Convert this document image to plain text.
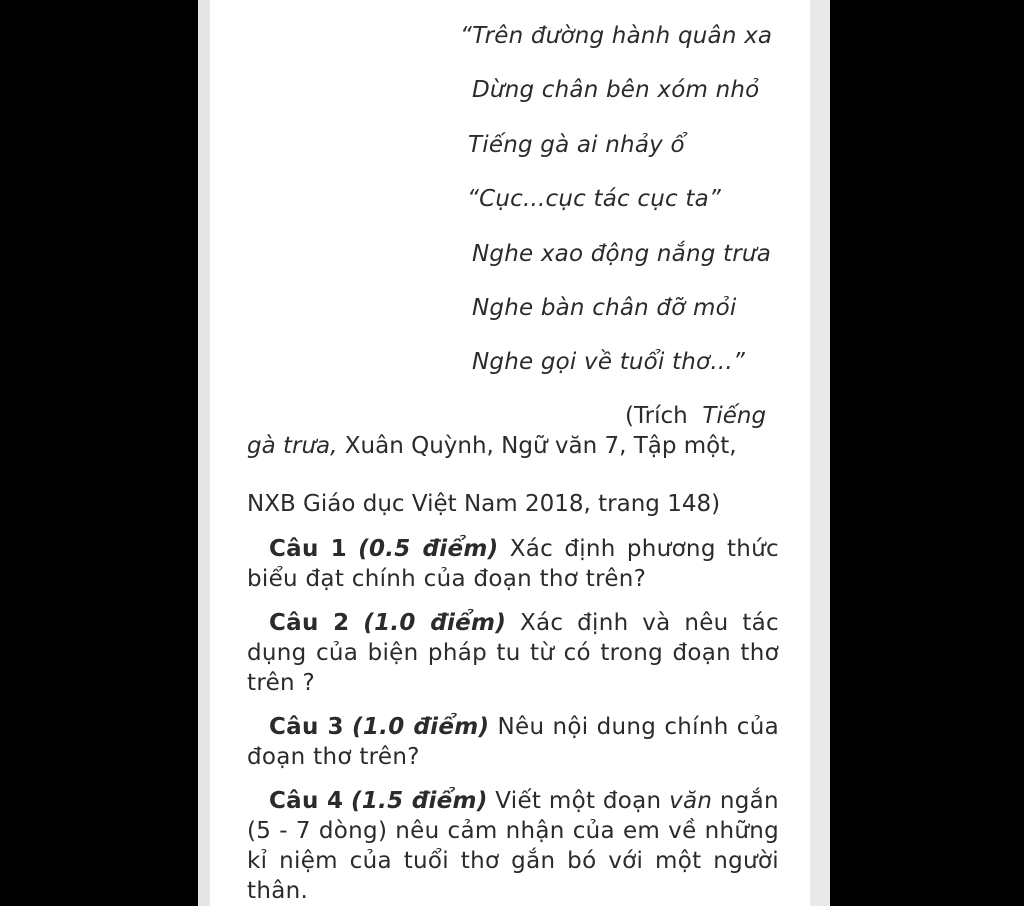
“Trên đường hành quân xa
Dừng chân bên xóm nhỏ
Tiếng gà ai nhảy ổ
“Cục...cục tác cục ta”
Nghe xao động nắng trưa
Nghe bàn chân đỡ mỏi
Nghe gọi về tuổi thơ...”
(Trích Tiếng
gà trưa, Xuân Quỳnh, Ngữ văn 7, Tập một,
NXB Giáo dục Việt Nam 2018, trang 148)
Câu 1 (0.5 điểm) Xác định phương thức biểu đạt chính của đoạn thơ trên?
Câu 2 (1.0 điểm) Xác định và nêu tác dụng của biện pháp tu từ có trong đoạn thơ trên ?
Câu 3 (1.0 điểm) Nêu nội dung chính của đoạn thơ trên?
Câu 4 (1.5 điểm) Viết một đoạn văn ngắn (5 - 7 dòng) nêu cảm nhận của em về những kỉ niệm của tuổi thơ gắn bó với một người thân.
